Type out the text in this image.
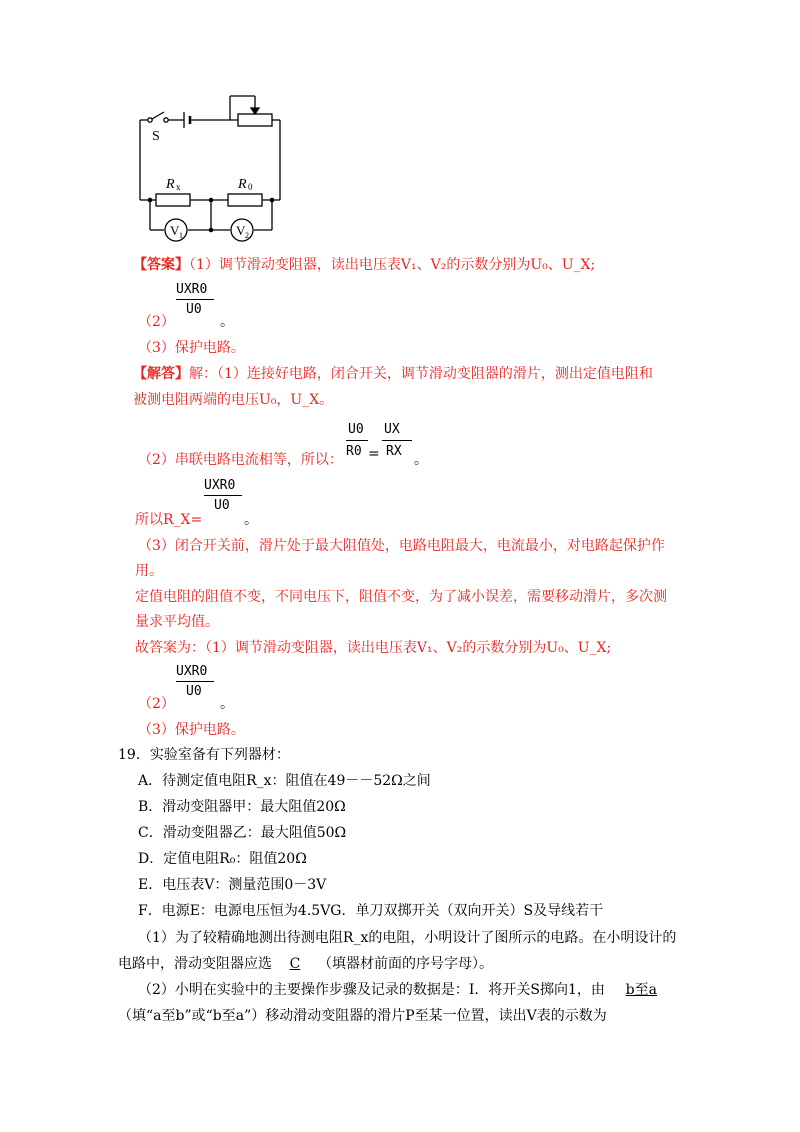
S
R x	R 0
V 1	V 2
【答案】（1）调节滑动变阻器，读出电压表V₁、V₂的示数分别为U₀、U_X;
UXR0
U0
（2）	。
（3）保护电路。
【解答】解：（1）连接好电路，闭合开关，调节滑动变阻器的滑片，测出定值电阻和
被测电阻两端的电压U₀，U_X。
U0
R0 =
UX
RX
（2）串联电路电流相等，所以：	。
UXR0
U0
所以R_X=	。
（3）闭合开关前，滑片处于最大阻值处，电路电阻最大，电流最小，对电路起保护作
用。
定值电阻的阻值不变，不同电压下，阻值不变，为了减小误差，需要移动滑片，多次测
量求平均值。
故答案为：（1）调节滑动变阻器，读出电压表V₁、V₂的示数分别为U₀、U_X;
UXR0
U0
（2）	。
（3）保护电路。
19．实验室备有下列器材：
A．待测定值电阻R_x：阻值在49－－52Ω之间
B．滑动变阻器甲：最大阻值20Ω
C．滑动变阻器乙：最大阻值50Ω
D．定值电阻R₀：阻值20Ω
E．电压表V：测量范围0－3V
F．电源E：电源电压恒为4.5VG．单刀双掷开关（双向开关）S及导线若干
（1）为了较精确地测出待测电阻R_x的电阻，小明设计了图所示的电路。在小明设计的
电路中，滑动变阻器应选 C （填器材前面的序号字母）。
（2）小明在实验中的主要操作步骤及记录的数据是：Ⅰ．将开关S掷向1，由 b至a
（填“a至b”或“b至a”）移动滑动变阻器的滑片P至某一位置，读出V表的示数为
